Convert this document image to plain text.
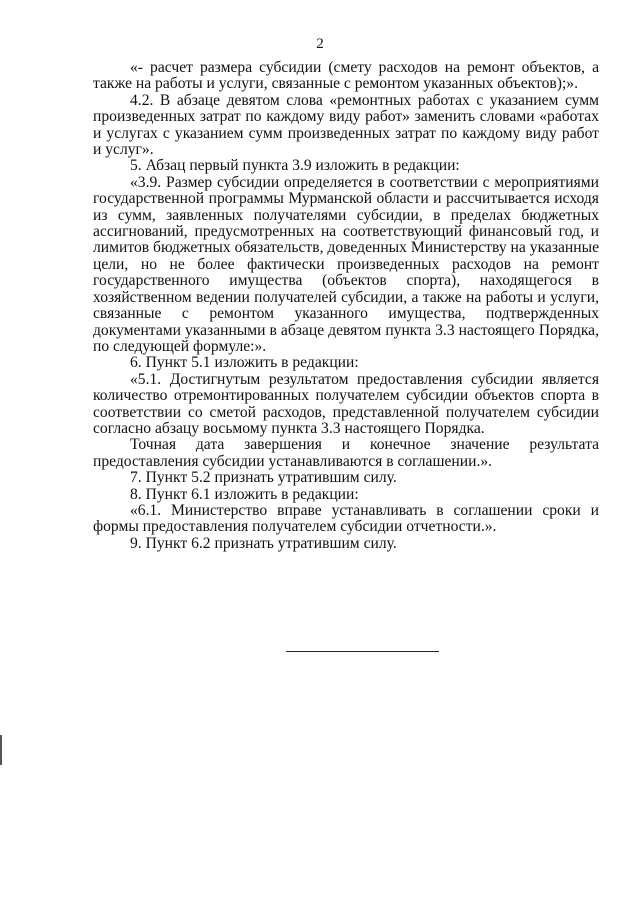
2

«- расчет размера субсидии (смету расходов на ремонт объектов, а также на работы и услуги, связанные с ремонтом указанных объектов);».

4.2. В абзаце девятом слова «ремонтных работах с указанием сумм произведенных затрат по каждому виду работ» заменить словами «работах и услугах с указанием сумм произведенных затрат по каждому виду работ и услуг».

5. Абзац первый пункта 3.9 изложить в редакции:

«3.9. Размер субсидии определяется в соответствии с мероприятиями государственной программы Мурманской области и рассчитывается исходя из сумм, заявленных получателями субсидии, в пределах бюджетных ассигнований, предусмотренных на соответствующий финансовый год, и лимитов бюджетных обязательств, доведенных Министерству на указанные цели, но не более фактически произведенных расходов на ремонт государственного имущества (объектов спорта), находящегося в хозяйственном ведении получателей субсидии, а также на работы и услуги, связанные с ремонтом указанного имущества, подтвержденных документами указанными в абзаце девятом пункта 3.3 настоящего Порядка, по следующей формуле:».

6. Пункт 5.1 изложить в редакции:

«5.1. Достигнутым результатом предоставления субсидии является количество отремонтированных получателем субсидии объектов спорта в соответствии со сметой расходов, представленной получателем субсидии согласно абзацу восьмому пункта 3.3 настоящего Порядка.

Точная дата завершения и конечное значение результата предоставления субсидии устанавливаются в соглашении.».

7. Пункт 5.2 признать утратившим силу.

8. Пункт 6.1 изложить в редакции:

«6.1. Министерство вправе устанавливать в соглашении сроки и формы предоставления получателем субсидии отчетности.».

9. Пункт 6.2 признать утратившим силу.
